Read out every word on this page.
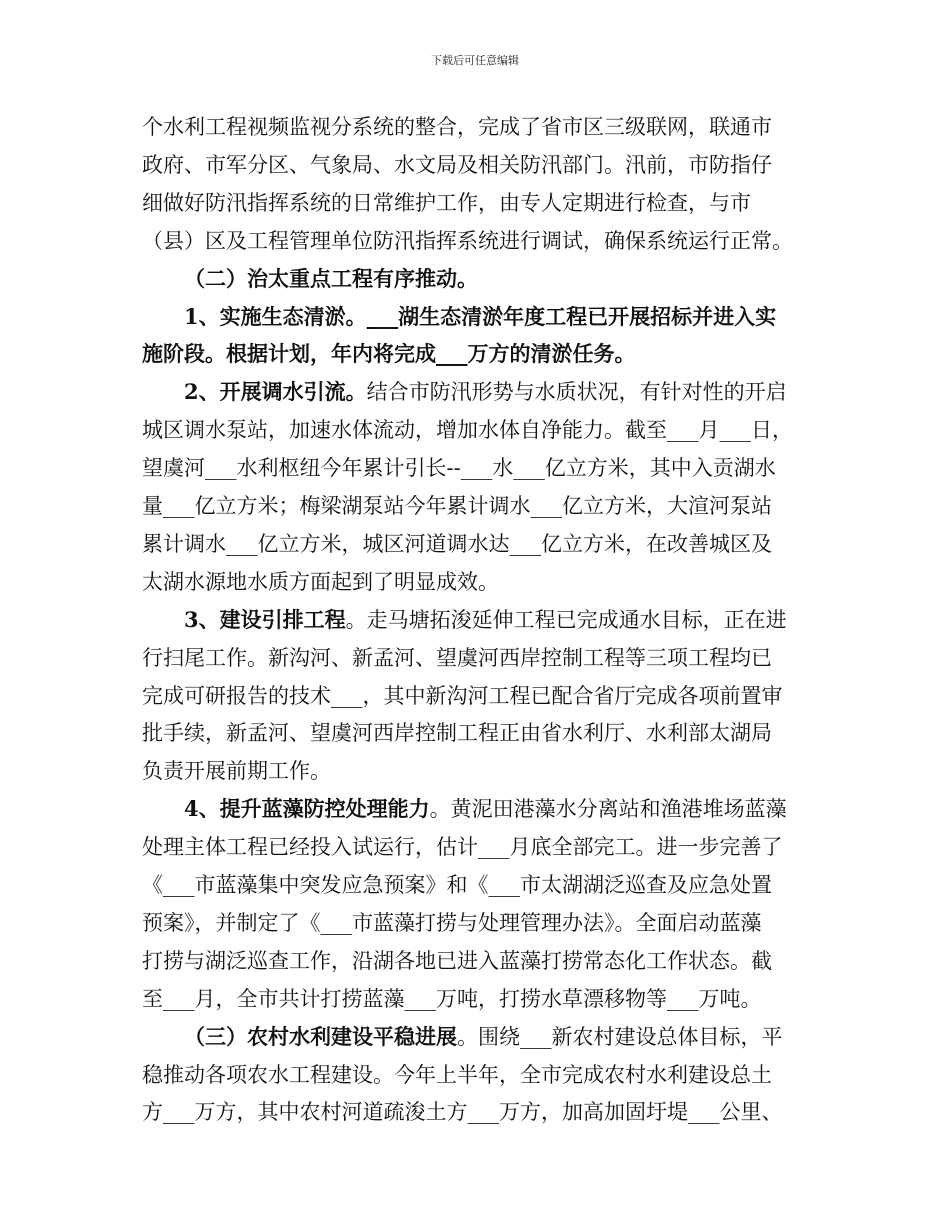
下载后可任意编辑
个水利工程视频监视分系统的整合，完成了省市区三级联网，联通市
政府、市军分区、气象局、水文局及相关防汛部门。汛前，市防指仔
细做好防汛指挥系统的日常维护工作，由专人定期进行检查，与市
（县）区及工程管理单位防汛指挥系统进行调试，确保系统运行正常。
（二）治太重点工程有序推动。
1、实施生态清淤。___湖生态清淤年度工程已开展招标并进入实
施阶段。根据计划，年内将完成___万方的清淤任务。
2、开展调水引流。结合市防汛形势与水质状况，有针对性的开启
城区调水泵站，加速水体流动，增加水体自净能力。截至___月___日，
望虞河___水利枢纽今年累计引长--___水___亿立方米，其中入贡湖水
量___亿立方米；梅梁湖泵站今年累计调水___亿立方米，大渲河泵站
累计调水___亿立方米，城区河道调水达___亿立方米，在改善城区及
太湖水源地水质方面起到了明显成效。
3、建设引排工程。走马塘拓浚延伸工程已完成通水目标，正在进
行扫尾工作。新沟河、新孟河、望虞河西岸控制工程等三项工程均已
完成可研报告的技术___，其中新沟河工程已配合省厅完成各项前置审
批手续，新孟河、望虞河西岸控制工程正由省水利厅、水利部太湖局
负责开展前期工作。
4、提升蓝藻防控处理能力。黄泥田港藻水分离站和渔港堆场蓝藻
处理主体工程已经投入试运行，估计___月底全部完工。进一步完善了
《___市蓝藻集中突发应急预案》和《___市太湖湖泛巡查及应急处置
预案》，并制定了《___市蓝藻打捞与处理管理办法》。全面启动蓝藻
打捞与湖泛巡查工作，沿湖各地已进入蓝藻打捞常态化工作状态。截
至___月，全市共计打捞蓝藻___万吨，打捞水草漂移物等___万吨。
（三）农村水利建设平稳进展。围绕___新农村建设总体目标，平
稳推动各项农水工程建设。今年上半年，全市完成农村水利建设总土
方___万方，其中农村河道疏浚土方___万方，加高加固圩堤___公里、
